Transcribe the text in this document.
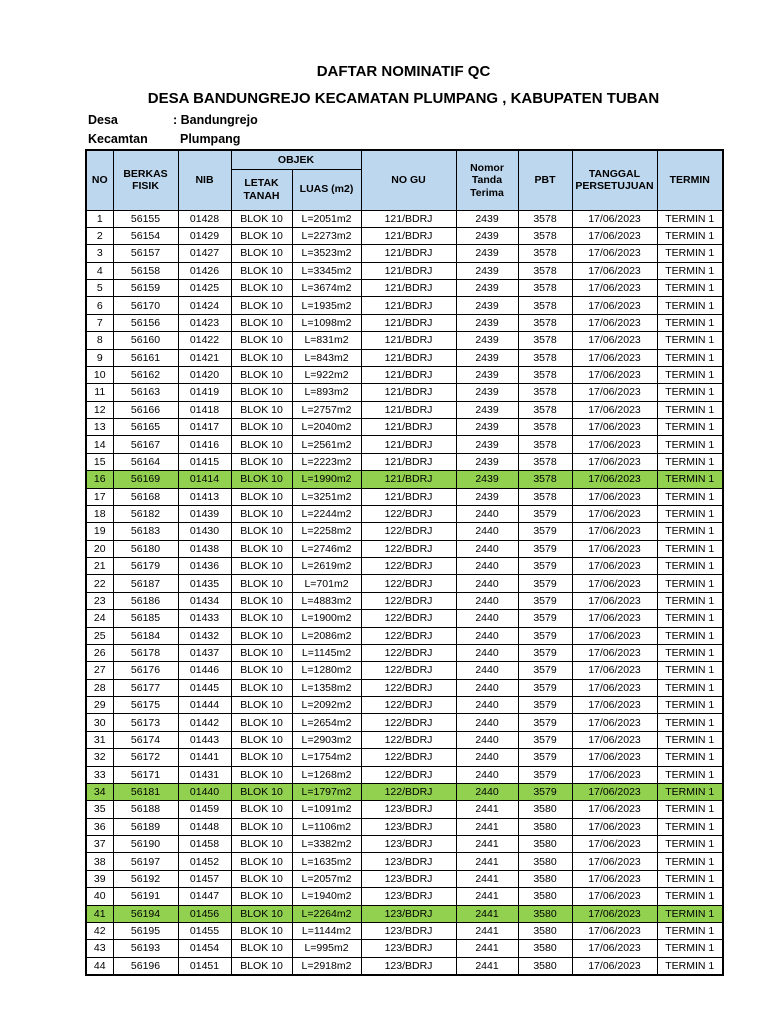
DAFTAR NOMINATIF QC
DESA BANDUNGREJO KECAMATAN PLUMPANG , KABUPATEN TUBAN
Desa	: Bandungrejo
Kecamtan	Plumpang
NO	BERKAS FISIK	NIB	OBJEK		NO GU	Nomor Tanda Terima	PBT	TANGGAL PERSETUJUAN	TERMIN
			LETAK TANAH	LUAS (m2)					
1	56155	01428	BLOK 10	L=2051m2	121/BDRJ	2439	3578	17/06/2023	TERMIN 1
2	56154	01429	BLOK 10	L=2273m2	121/BDRJ	2439	3578	17/06/2023	TERMIN 1
3	56157	01427	BLOK 10	L=3523m2	121/BDRJ	2439	3578	17/06/2023	TERMIN 1
4	56158	01426	BLOK 10	L=3345m2	121/BDRJ	2439	3578	17/06/2023	TERMIN 1
5	56159	01425	BLOK 10	L=3674m2	121/BDRJ	2439	3578	17/06/2023	TERMIN 1
6	56170	01424	BLOK 10	L=1935m2	121/BDRJ	2439	3578	17/06/2023	TERMIN 1
7	56156	01423	BLOK 10	L=1098m2	121/BDRJ	2439	3578	17/06/2023	TERMIN 1
8	56160	01422	BLOK 10	L=831m2	121/BDRJ	2439	3578	17/06/2023	TERMIN 1
9	56161	01421	BLOK 10	L=843m2	121/BDRJ	2439	3578	17/06/2023	TERMIN 1
10	56162	01420	BLOK 10	L=922m2	121/BDRJ	2439	3578	17/06/2023	TERMIN 1
11	56163	01419	BLOK 10	L=893m2	121/BDRJ	2439	3578	17/06/2023	TERMIN 1
12	56166	01418	BLOK 10	L=2757m2	121/BDRJ	2439	3578	17/06/2023	TERMIN 1
13	56165	01417	BLOK 10	L=2040m2	121/BDRJ	2439	3578	17/06/2023	TERMIN 1
14	56167	01416	BLOK 10	L=2561m2	121/BDRJ	2439	3578	17/06/2023	TERMIN 1
15	56164	01415	BLOK 10	L=2223m2	121/BDRJ	2439	3578	17/06/2023	TERMIN 1
16	56169	01414	BLOK 10	L=1990m2	121/BDRJ	2439	3578	17/06/2023	TERMIN 1
17	56168	01413	BLOK 10	L=3251m2	121/BDRJ	2439	3578	17/06/2023	TERMIN 1
18	56182	01439	BLOK 10	L=2244m2	122/BDRJ	2440	3579	17/06/2023	TERMIN 1
19	56183	01430	BLOK 10	L=2258m2	122/BDRJ	2440	3579	17/06/2023	TERMIN 1
20	56180	01438	BLOK 10	L=2746m2	122/BDRJ	2440	3579	17/06/2023	TERMIN 1
21	56179	01436	BLOK 10	L=2619m2	122/BDRJ	2440	3579	17/06/2023	TERMIN 1
22	56187	01435	BLOK 10	L=701m2	122/BDRJ	2440	3579	17/06/2023	TERMIN 1
23	56186	01434	BLOK 10	L=4883m2	122/BDRJ	2440	3579	17/06/2023	TERMIN 1
24	56185	01433	BLOK 10	L=1900m2	122/BDRJ	2440	3579	17/06/2023	TERMIN 1
25	56184	01432	BLOK 10	L=2086m2	122/BDRJ	2440	3579	17/06/2023	TERMIN 1
26	56178	01437	BLOK 10	L=1145m2	122/BDRJ	2440	3579	17/06/2023	TERMIN 1
27	56176	01446	BLOK 10	L=1280m2	122/BDRJ	2440	3579	17/06/2023	TERMIN 1
28	56177	01445	BLOK 10	L=1358m2	122/BDRJ	2440	3579	17/06/2023	TERMIN 1
29	56175	01444	BLOK 10	L=2092m2	122/BDRJ	2440	3579	17/06/2023	TERMIN 1
30	56173	01442	BLOK 10	L=2654m2	122/BDRJ	2440	3579	17/06/2023	TERMIN 1
31	56174	01443	BLOK 10	L=2903m2	122/BDRJ	2440	3579	17/06/2023	TERMIN 1
32	56172	01441	BLOK 10	L=1754m2	122/BDRJ	2440	3579	17/06/2023	TERMIN 1
33	56171	01431	BLOK 10	L=1268m2	122/BDRJ	2440	3579	17/06/2023	TERMIN 1
34	56181	01440	BLOK 10	L=1797m2	122/BDRJ	2440	3579	17/06/2023	TERMIN 1
35	56188	01459	BLOK 10	L=1091m2	123/BDRJ	2441	3580	17/06/2023	TERMIN 1
36	56189	01448	BLOK 10	L=1106m2	123/BDRJ	2441	3580	17/06/2023	TERMIN 1
37	56190	01458	BLOK 10	L=3382m2	123/BDRJ	2441	3580	17/06/2023	TERMIN 1
38	56197	01452	BLOK 10	L=1635m2	123/BDRJ	2441	3580	17/06/2023	TERMIN 1
39	56192	01457	BLOK 10	L=2057m2	123/BDRJ	2441	3580	17/06/2023	TERMIN 1
40	56191	01447	BLOK 10	L=1940m2	123/BDRJ	2441	3580	17/06/2023	TERMIN 1
41	56194	01456	BLOK 10	L=2264m2	123/BDRJ	2441	3580	17/06/2023	TERMIN 1
42	56195	01455	BLOK 10	L=1144m2	123/BDRJ	2441	3580	17/06/2023	TERMIN 1
43	56193	01454	BLOK 10	L=995m2	123/BDRJ	2441	3580	17/06/2023	TERMIN 1
44	56196	01451	BLOK 10	L=2918m2	123/BDRJ	2441	3580	17/06/2023	TERMIN 1
